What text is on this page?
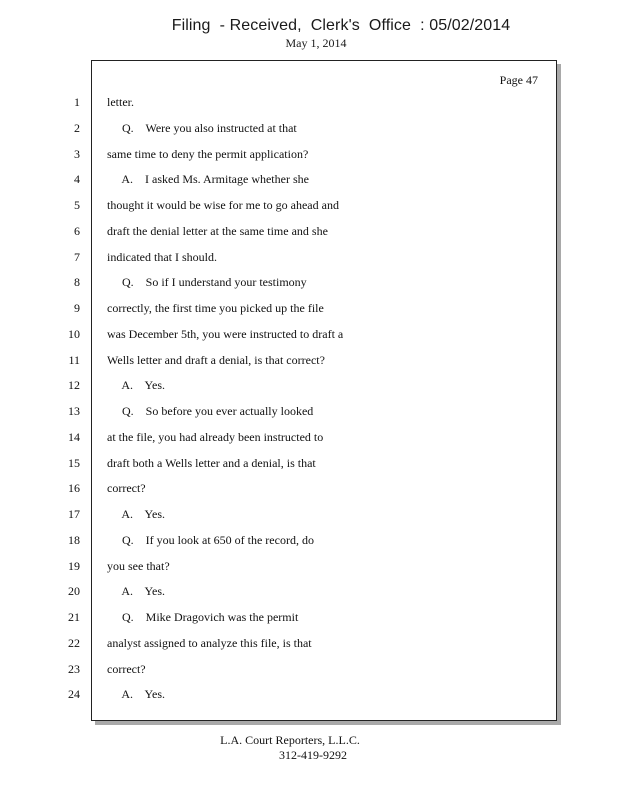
Filing  - Received,  Clerk's  Office  : 05/02/2014
May 1, 2014
Page 47
1
2
3
4
5
6
7
8
9
10
11
12
13
14
15
16
17
18
19
20
21
22
23
24
letter.
Q.    Were you also instructed at that
same time to deny the permit application?
A.    I asked Ms. Armitage whether she
thought it would be wise for me to go ahead and
draft the denial letter at the same time and she
indicated that I should.
Q.    So if I understand your testimony
correctly, the first time you picked up the file
was December 5th, you were instructed to draft a
Wells letter and draft a denial, is that correct?
A.    Yes.
Q.    So before you ever actually looked
at the file, you had already been instructed to
draft both a Wells letter and a denial, is that
correct?
A.    Yes.
Q.    If you look at 650 of the record, do
you see that?
A.    Yes.
Q.    Mike Dragovich was the permit
analyst assigned to analyze this file, is that
correct?
A.    Yes.
L.A. Court Reporters, L.L.C.
312-419-9292
